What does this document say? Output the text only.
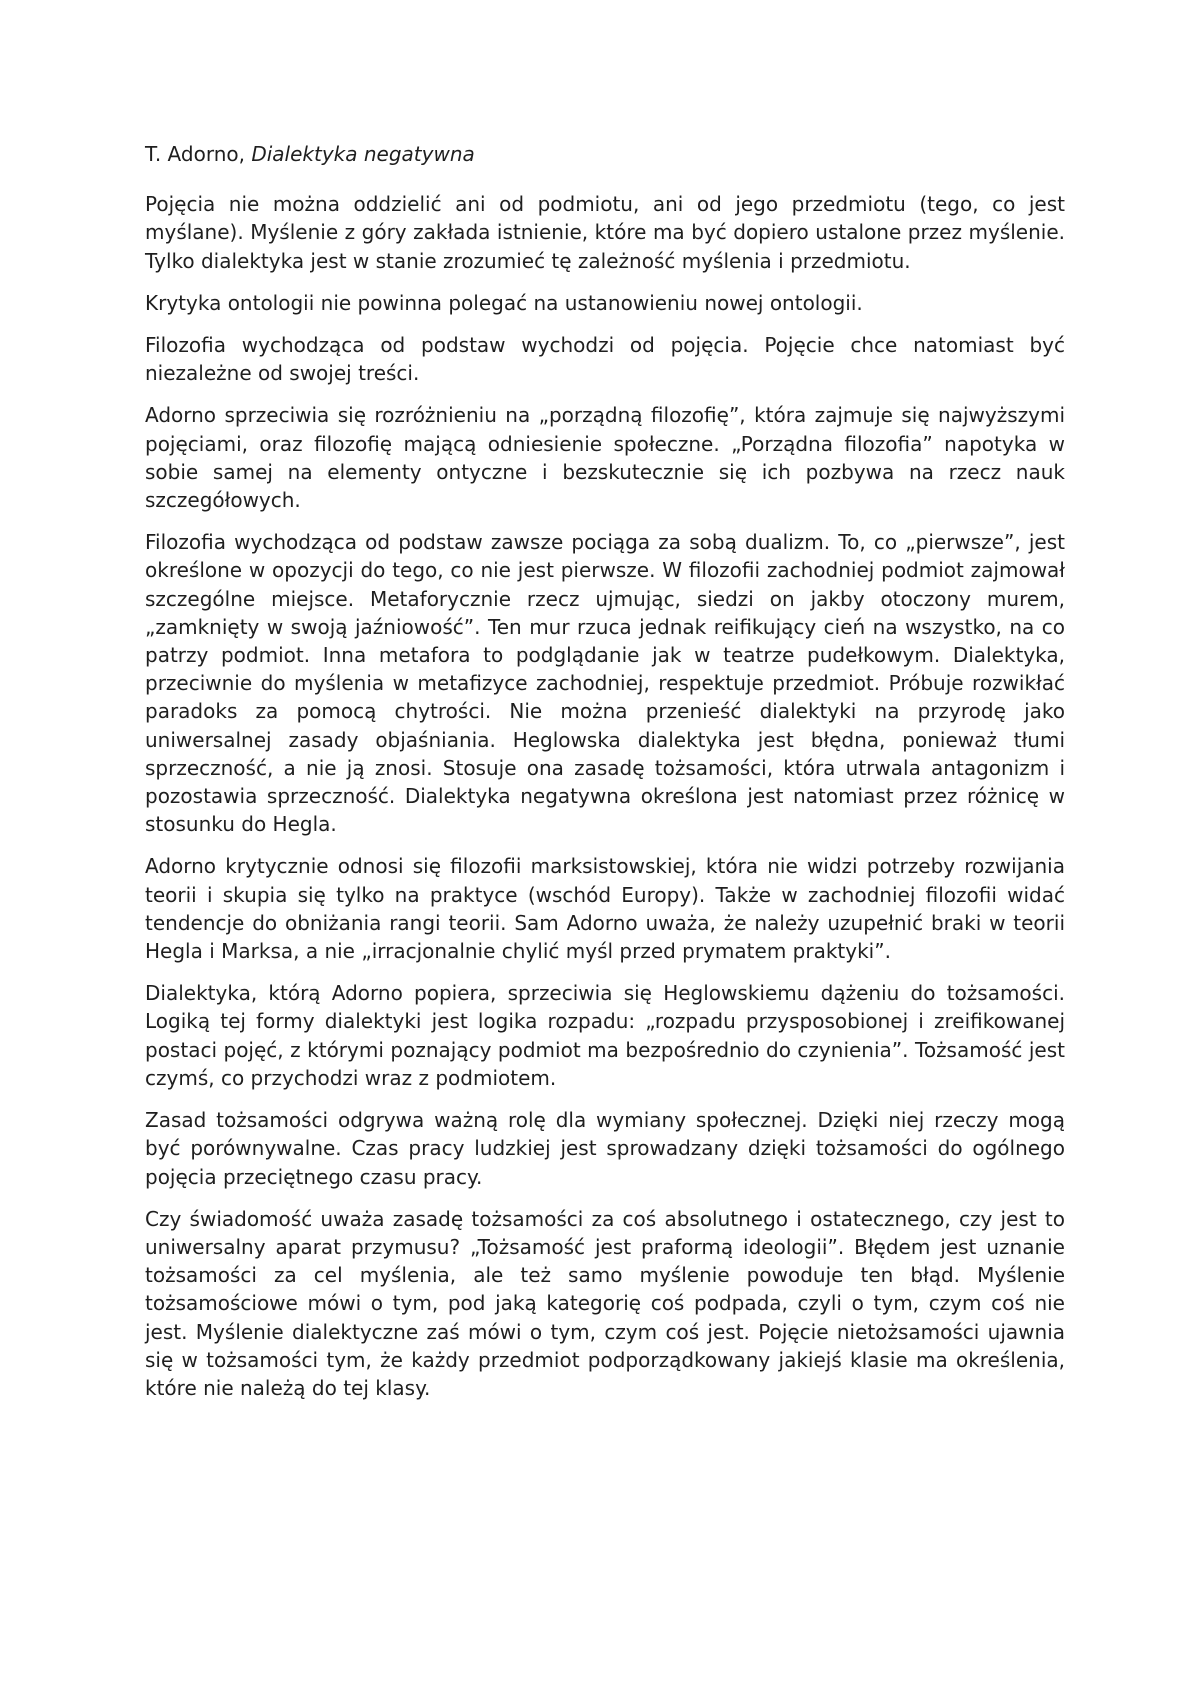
T. Adorno, Dialektyka negatywna

Pojęcia nie można oddzielić ani od podmiotu, ani od jego przedmiotu (tego, co jest myślane). Myślenie z góry zakłada istnienie, które ma być dopiero ustalone przez myślenie. Tylko dialektyka jest w stanie zrozumieć tę zależność myślenia i przedmiotu.

Krytyka ontologii nie powinna polegać na ustanowieniu nowej ontologii.

Filozofia wychodząca od podstaw wychodzi od pojęcia. Pojęcie chce natomiast być niezależne od swojej treści.

Adorno sprzeciwia się rozróżnieniu na „porządną filozofię”, która zajmuje się najwyższymi pojęciami, oraz filozofię mającą odniesienie społeczne. „Porządna filozofia” napotyka w sobie samej na elementy ontyczne i bezskutecznie się ich pozbywa na rzecz nauk szczegółowych.

Filozofia wychodząca od podstaw zawsze pociąga za sobą dualizm. To, co „pierwsze”, jest określone w opozycji do tego, co nie jest pierwsze. W filozofii zachodniej podmiot zajmował szczególne miejsce. Metaforycznie rzecz ujmując, siedzi on jakby otoczony murem, „zamknięty w swoją jaźniowość”. Ten mur rzuca jednak reifikujący cień na wszystko, na co patrzy podmiot. Inna metafora to podglądanie jak w teatrze pudełkowym. Dialektyka, przeciwnie do myślenia w metafizyce zachodniej, respektuje przedmiot. Próbuje rozwikłać paradoks za pomocą chytrości. Nie można przenieść dialektyki na przyrodę jako uniwersalnej zasady objaśniania. Heglowska dialektyka jest błędna, ponieważ tłumi sprzeczność, a nie ją znosi. Stosuje ona zasadę tożsamości, która utrwala antagonizm i pozostawia sprzeczność. Dialektyka negatywna określona jest natomiast przez różnicę w stosunku do Hegla.

Adorno krytycznie odnosi się filozofii marksistowskiej, która nie widzi potrzeby rozwijania teorii i skupia się tylko na praktyce (wschód Europy). Także w zachodniej filozofii widać tendencje do obniżania rangi teorii. Sam Adorno uważa, że należy uzupełnić braki w teorii Hegla i Marksa, a nie „irracjonalnie chylić myśl przed prymatem praktyki”.

Dialektyka, którą Adorno popiera, sprzeciwia się Heglowskiemu dążeniu do tożsamości. Logiką tej formy dialektyki jest logika rozpadu: „rozpadu przysposobionej i zreifikowanej postaci pojęć, z którymi poznający podmiot ma bezpośrednio do czynienia”. Tożsamość jest czymś, co przychodzi wraz z podmiotem.

Zasad tożsamości odgrywa ważną rolę dla wymiany społecznej. Dzięki niej rzeczy mogą być porównywalne. Czas pracy ludzkiej jest sprowadzany dzięki tożsamości do ogólnego pojęcia przeciętnego czasu pracy.

Czy świadomość uważa zasadę tożsamości za coś absolutnego i ostatecznego, czy jest to uniwersalny aparat przymusu? „Tożsamość jest praformą ideologii”. Błędem jest uznanie tożsamości za cel myślenia, ale też samo myślenie powoduje ten błąd. Myślenie tożsamościowe mówi o tym, pod jaką kategorię coś podpada, czyli o tym, czym coś nie jest. Myślenie dialektyczne zaś mówi o tym, czym coś jest. Pojęcie nietożsamości ujawnia się w tożsamości tym, że każdy przedmiot podporządkowany jakiejś klasie ma określenia, które nie należą do tej klasy.
